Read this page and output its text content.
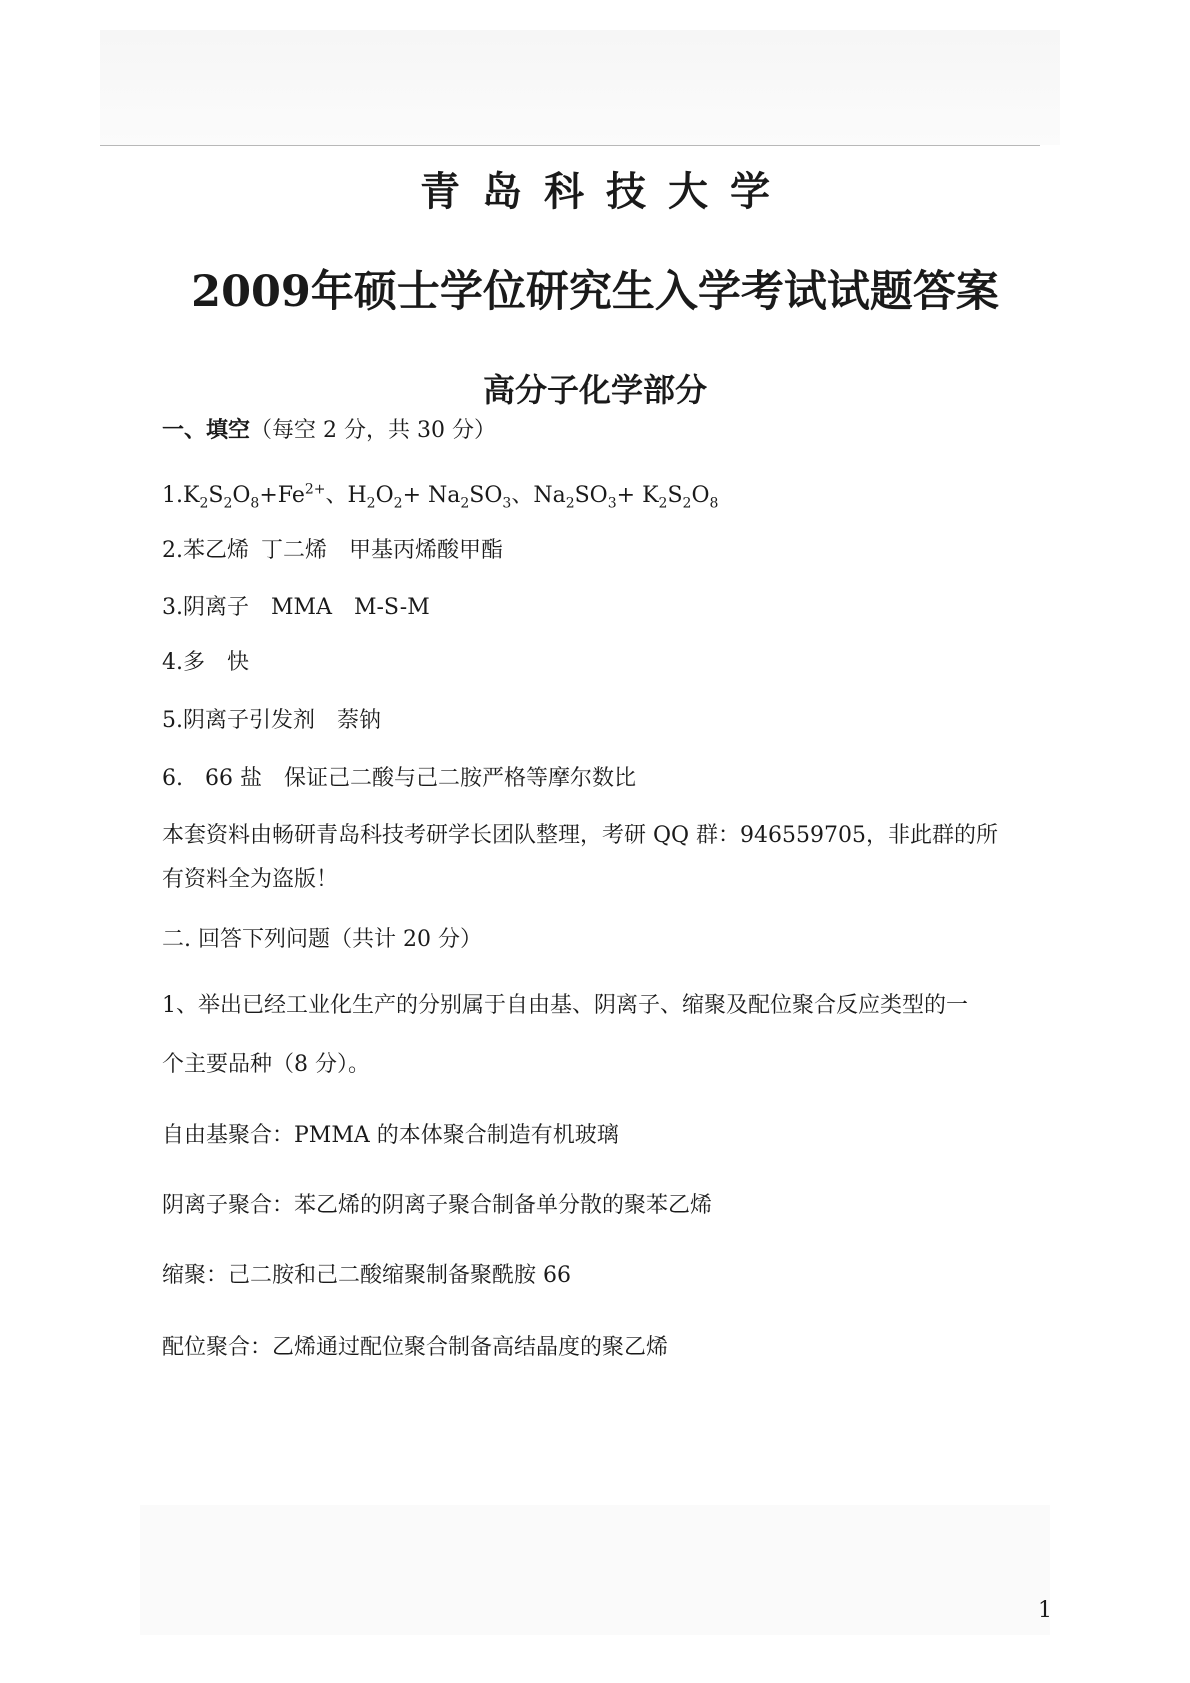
青岛科技大学
2009年硕士学位研究生入学考试试题答案
高分子化学部分
一、填空（每空 2 分，共 30 分）
$1.K_2S_2O_8+Fe^{2+}$、$H_2O_2+ Na_2SO_3$、$Na_2SO_3+ K_2S_2O_8$
2.苯乙烯 丁二烯 甲基丙烯酸甲酯
3.阴离子 MMA M-S-M
4.多 快
5.阴离子引发剂 萘钠
6. 66 盐 保证己二酸与己二胺严格等摩尔数比
本套资料由畅研青岛科技考研学长团队整理，考研 QQ 群：946559705，非此群的所
有资料全为盗版！
二. 回答下列问题（共计 20 分）
1、举出已经工业化生产的分别属于自由基、阴离子、缩聚及配位聚合反应类型的一
个主要品种（8 分）。
自由基聚合：PMMA 的本体聚合制造有机玻璃
阴离子聚合：苯乙烯的阴离子聚合制备单分散的聚苯乙烯
缩聚：己二胺和己二酸缩聚制备聚酰胺 66
配位聚合：乙烯通过配位聚合制备高结晶度的聚乙烯
1
